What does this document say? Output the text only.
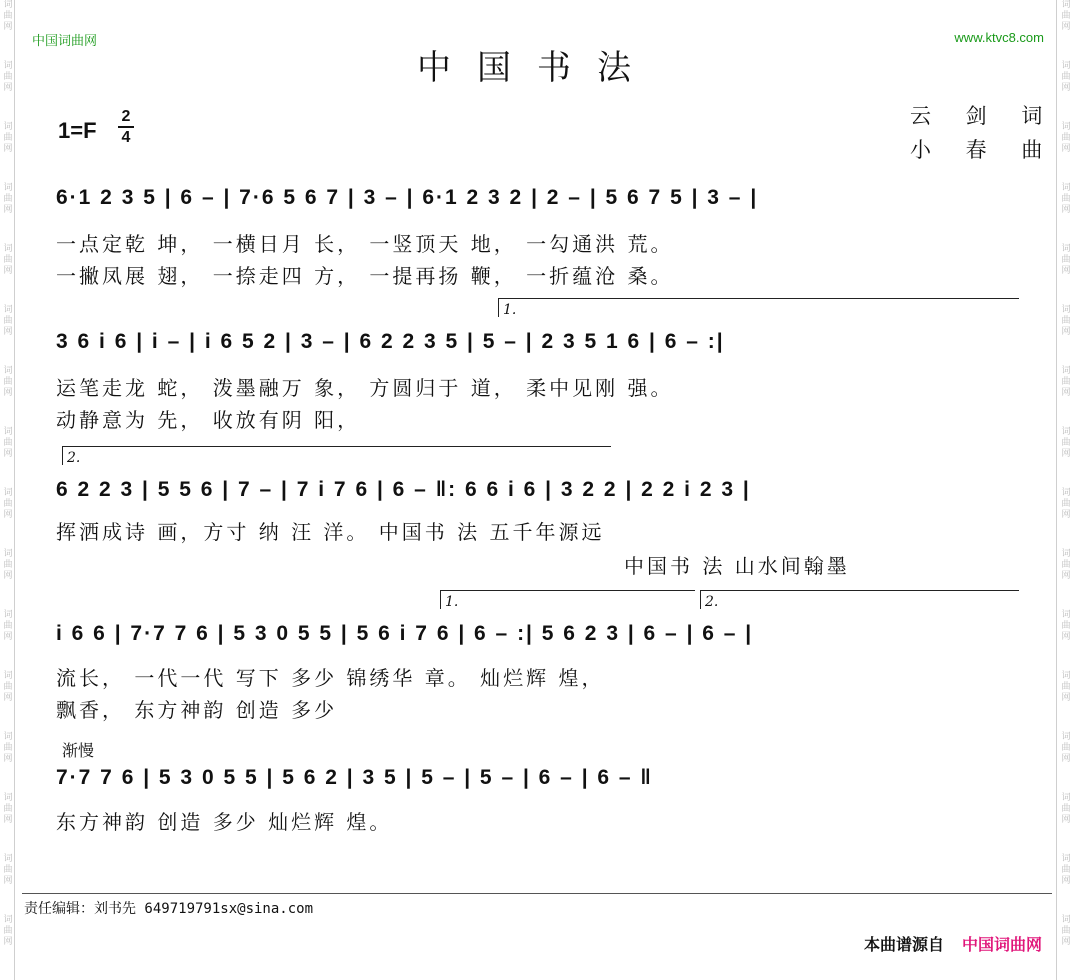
词
曲
网
词
曲
网
词
曲
网
词
曲
网
词
曲
网
词
曲
网
词
曲
网
词
曲
网
词
曲
网
词
曲
网
词
曲
网
词
曲
网
词
曲
网
词
曲
网
词
曲
网
词
曲
网
词
曲
网
词
曲
网
词
曲
网
词
曲
网
词
曲
网
词
曲
网
词
曲
网
词
曲
网
词
曲
网
词
曲
网
词
曲
网
词
曲
网
词
曲
网
词
曲
网
词
曲
网
词
曲
网
中国词曲网	www.ktvc8.com
中国书法
云 剑 词
小 春 曲
1=F
2
4
6·1 2 3 5 | 6 – | 7·6 5 6 7 | 3 – | 6·1 2 3 2 | 2 – | 5 6 7 5 | 3 – |
一点定乾 坤， 一横日月 长， 一竖顶天 地， 一勾通洪 荒。
一撇凤展 翅， 一捺走四 方， 一提再扬 鞭， 一折蕴沧 桑。
1.
3 6 i 6 | i – | i 6 5 2 | 3 – | 6 2 2 3 5 | 5 – | 2 3 5 1 6 | 6 – :|
运笔走龙 蛇， 泼墨融万 象， 方圆归于 道， 柔中见刚 强。
动静意为 先， 收放有阴 阳，
2.
6 2 2 3 | 5 5 6 | 7 – | 7 i 7 6 | 6 – ‖: 6 6 i 6 | 3 2 2 | 2 2 i 2 3 |
挥洒成诗 画，方寸 纳 汪 洋。 中国书 法 五千年源远
中国书 法 山水间翰墨
1.	2.
i 6 6 | 7·7 7 6 | 5 3 0 5 5 | 5 6 i 7 6 | 6 – :| 5 6 2 3 | 6 – | 6 – |
流长， 一代一代 写下 多少 锦绣华 章。 灿烂辉 煌，
飘香， 东方神韵 创造 多少
渐慢
7·7 7 6 | 5 3 0 5 5 | 5 6 2 | 3 5 | 5 – | 5 – | 6 – | 6 – ‖
东方神韵 创造 多少 灿烂辉 煌。
责任编辑：刘书先 649719791sx@sina.com
本曲谱源自 中国词曲网
